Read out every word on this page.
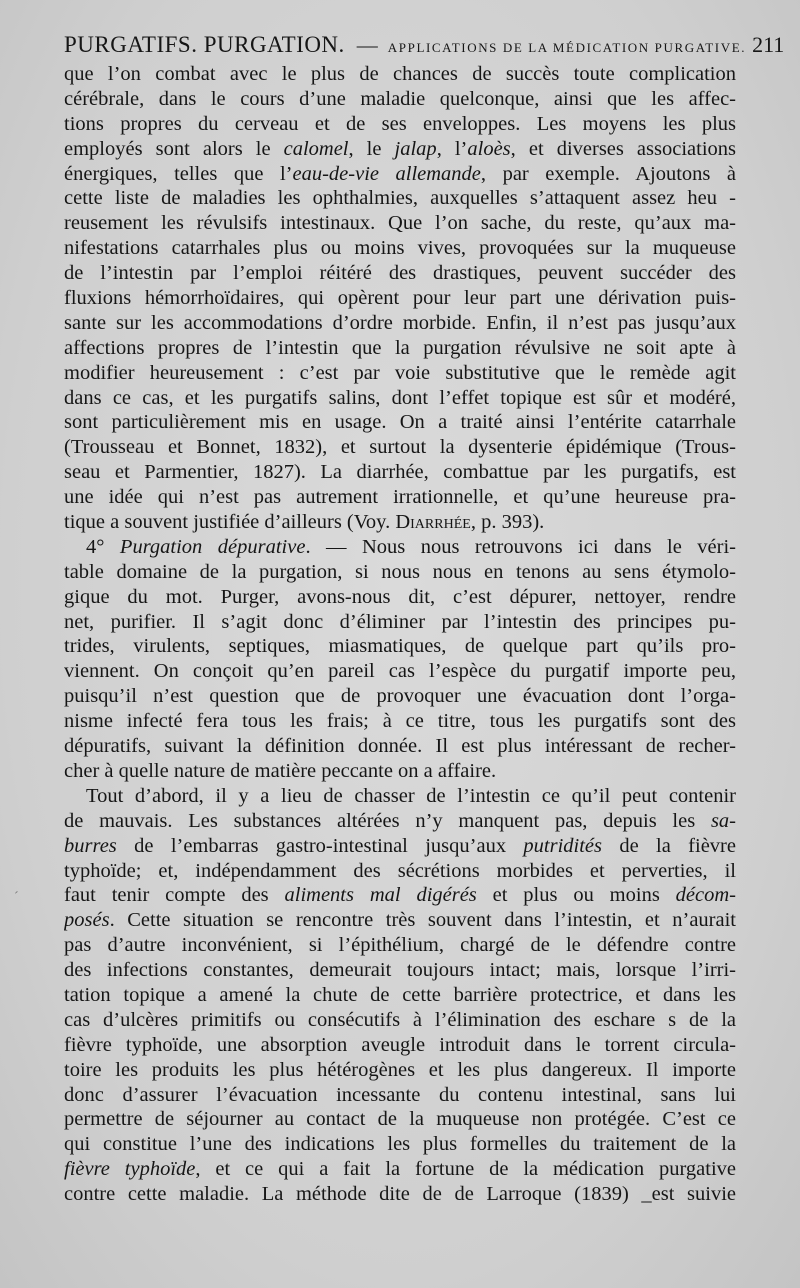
PURGATIFS. PURGATION. — APPLICATIONS DE LA MÉDICATION PURGATIVE. 211
que l’on combat avec le plus de chances de succès toute complication
cérébrale, dans le cours d’une maladie quelconque, ainsi que les affec-
tions propres du cerveau et de ses enveloppes. Les moyens les plus
employés sont alors le calomel, le jalap, l’aloès, et diverses associations
énergiques, telles que l’eau-de-vie allemande, par exemple. Ajoutons à
cette liste de maladies les ophthalmies, auxquelles s’attaquent assez heu -
reusement les révulsifs intestinaux. Que l’on sache, du reste, qu’aux ma-
nifestations catarrhales plus ou moins vives, provoquées sur la muqueuse
de l’intestin par l’emploi réitéré des drastiques, peuvent succéder des
fluxions hémorrhoïdaires, qui opèrent pour leur part une dérivation puis-
sante sur les accommodations d’ordre morbide. Enfin, il n’est pas jusqu’aux
affections propres de l’intestin que la purgation révulsive ne soit apte à
modifier heureusement : c’est par voie substitutive que le remède agit
dans ce cas, et les purgatifs salins, dont l’effet topique est sûr et modéré,
sont particulièrement mis en usage. On a traité ainsi l’entérite catarrhale
(Trousseau et Bonnet, 1832), et surtout la dysenterie épidémique (Trous-
seau et Parmentier, 1827). La diarrhée, combattue par les purgatifs, est
une idée qui n’est pas autrement irrationnelle, et qu’une heureuse pra-
tique a souvent justifiée d’ailleurs (Voy. Diarrhée, p. 393).
4° Purgation dépurative. — Nous nous retrouvons ici dans le véri-
table domaine de la purgation, si nous nous en tenons au sens étymolo-
gique du mot. Purger, avons-nous dit, c’est dépurer, nettoyer, rendre
net, purifier. Il s’agit donc d’éliminer par l’intestin des principes pu-
trides, virulents, septiques, miasmatiques, de quelque part qu’ils pro-
viennent. On conçoit qu’en pareil cas l’espèce du purgatif importe peu,
puisqu’il n’est question que de provoquer une évacuation dont l’orga-
nisme infecté fera tous les frais; à ce titre, tous les purgatifs sont des
dépuratifs, suivant la définition donnée. Il est plus intéressant de recher-
cher à quelle nature de matière peccante on a affaire.
Tout d’abord, il y a lieu de chasser de l’intestin ce qu’il peut contenir
de mauvais. Les substances altérées n’y manquent pas, depuis les sa-
burres de l’embarras gastro-intestinal jusqu’aux putridités de la fièvre
typhoïde; et, indépendamment des sécrétions morbides et perverties, il
faut tenir compte des aliments mal digérés et plus ou moins décom-
posés. Cette situation se rencontre très souvent dans l’intestin, et n’aurait
pas d’autre inconvénient, si l’épithélium, chargé de le défendre contre
des infections constantes, demeurait toujours intact; mais, lorsque l’irri-
tation topique a amené la chute de cette barrière protectrice, et dans les
cas d’ulcères primitifs ou consécutifs à l’élimination des eschare s de la
fièvre typhoïde, une absorption aveugle introduit dans le torrent circula-
toire les produits les plus hétérogènes et les plus dangereux. Il importe
donc d’assurer l’évacuation incessante du contenu intestinal, sans lui
permettre de séjourner au contact de la muqueuse non protégée. C’est ce
qui constitue l’une des indications les plus formelles du traitement de la
fièvre typhoïde, et ce qui a fait la fortune de la médication purgative
contre cette maladie. La méthode dite de de Larroque (1839) _est suivie
´
